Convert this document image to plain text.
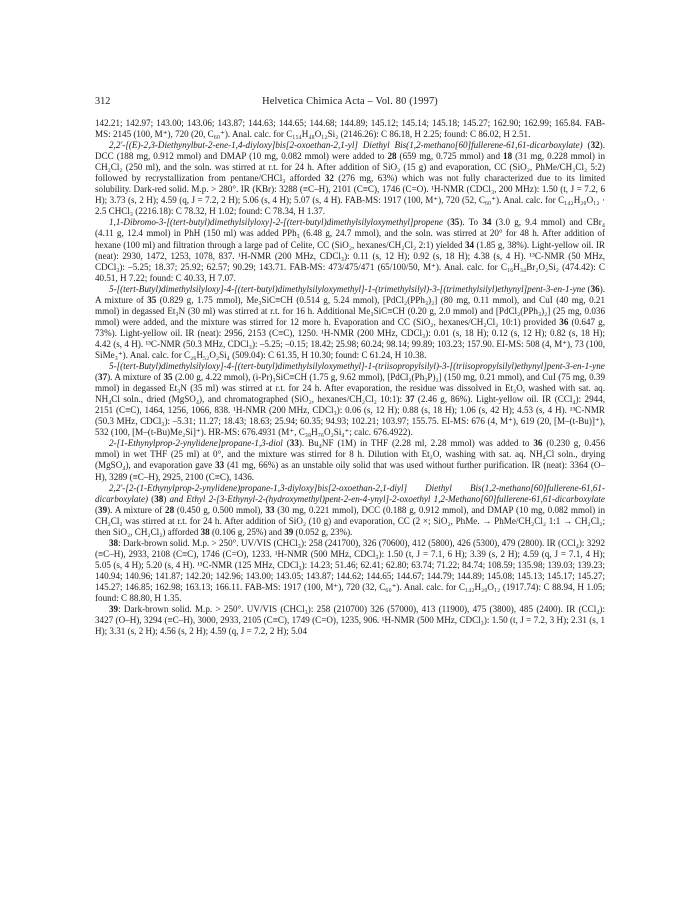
312	Helvetica Chimica Acta – Vol. 80 (1997)

142.21; 142.97; 143.00; 143.06; 143.87; 144.63; 144.65; 144.68; 144.89; 145.12; 145.14; 145.18; 145.27; 162.90; 162.99; 165.84. FAB-MS: 2145 (100, M⁺), 720 (20, C₆₀⁺). Anal. calc. for C₁₅₄H₄₈O₁₂Si₂ (2146.26): C 86.18, H 2.25; found: C 86.02, H 2.51.

2,2'-[(E)-2,3-Diethynylbut-2-ene-1,4-diyloxy]bis[2-oxoethan-2,1-yl] Diethyl Bis(1,2-methano[60]fullerene-61,61-dicarboxylate) (32). DCC (188 mg, 0.912 mmol) and DMAP (10 mg, 0.082 mmol) were added to 28 (659 mg, 0.725 mmol) and 18 (31 mg, 0.228 mmol) in CH₂Cl₂ (250 ml), and the soln. was stirred at r.t. for 24 h. After addition of SiO₂ (15 g) and evaporation, CC (SiO₂, PhMe/CH₂Cl₂ 5:2) followed by recrystallization from pentane/CHCl₃ afforded 32 (276 mg, 63%) which was not fully characterized due to its limited solubility. Dark-red solid. M.p. > 280°. IR (KBr): 3288 (≡C–H), 2101 (C≡C), 1746 (C=O). ¹H-NMR (CDCl₃, 200 MHz): 1.50 (t, J = 7.2, 6 H); 3.73 (s, 2 H); 4.59 (q, J = 7.2, 2 H); 5.06 (s, 4 H); 5.07 (s, 4 H). FAB-MS: 1917 (100, M⁺), 720 (52, C₆₀⁺). Anal. calc. for C₁₄₂H₂₀O₁₂ · 2.5 CHCl₃ (2216.18): C 78.32, H 1.02; found: C 78.34, H 1.37.

1,1-Dibromo-3-[(tert-butyl)dimethylsilyloxy]-2-[(tert-butyl)dimethylsilyloxymethyl]propene (35). To 34 (3.0 g, 9.4 mmol) and CBr₄ (4.11 g, 12.4 mmol) in PhH (150 ml) was added PPh₃ (6.48 g, 24.7 mmol), and the soln. was stirred at 20° for 48 h. After addition of hexane (100 ml) and filtration through a large pad of Celite, CC (SiO₂, hexanes/CH₂Cl₂ 2:1) yielded 34 (1.85 g, 38%). Light-yellow oil. IR (neat): 2930, 1472, 1253, 1078, 837. ¹H-NMR (200 MHz, CDCl₃): 0.11 (s, 12 H); 0.92 (s, 18 H); 4.38 (s, 4 H). ¹³C-NMR (50 MHz, CDCl₃): –5.25; 18.37; 25.92; 62.57; 90.29; 143.71. FAB-MS: 473/475/471 (65/100/50, M⁺). Anal. calc. for C₁₆H₃₄Br₂O₂Si₂ (474.42): C 40.51, H 7.22; found: C 40.33, H 7.07.

5-[(tert-Butyl)dimethylsilyloxy]-4-[(tert-butyl)dimethylsilyloxymethyl]-1-(trimethylsilyl)-3-[(trimethylsilyl)ethynyl]pent-3-en-1-yne (36). A mixture of 35 (0.829 g, 1.75 mmol), Me₃SiC≡CH (0.514 g, 5.24 mmol), [PdCl₂(PPh₃)₂] (80 mg, 0.11 mmol), and CuI (40 mg, 0.21 mmol) in degassed Et₃N (30 ml) was stirred at r.t. for 16 h. Additional Me₃SiC≡CH (0.20 g, 2.0 mmol) and [PdCl₂(PPh₃)₂] (25 mg, 0.036 mmol) were added, and the mixture was stirred for 12 more h. Evaporation and CC (SiO₂, hexanes/CH₂Cl₂ 10:1) provided 36 (0.647 g, 73%). Light-yellow oil. IR (neat): 2956, 2153 (C≡C), 1250. ¹H-NMR (200 MHz, CDCl₃): 0.01 (s, 18 H); 0.12 (s, 12 H); 0.82 (s, 18 H); 4.42 (s, 4 H). ¹³C-NMR (50.3 MHz, CDCl₃): –5.25; –0.15; 18.42; 25.98; 60.24; 98.14; 99.89; 103.23; 157.90. EI-MS: 508 (4, M⁺), 73 (100, SiMe₃⁺). Anal. calc. for C₂₆H₅₂O₂Si₄ (509.04): C 61.35, H 10.30; found: C 61.24, H 10.38.

5-[(tert-Butyl)dimethylsilyloxy]-4-[(tert-butyl)dimethylsilyloxymethyl]-1-(triisopropylsilyl)-3-[(triisopropylsilyl)ethynyl]pent-3-en-1-yne (37). A mixture of 35 (2.00 g, 4.22 mmol), (i-Pr)₃SiC≡CH (1.75 g, 9.62 mmol), [PdCl₂(Ph₃P)₂] (150 mg, 0.21 mmol), and CuI (75 mg, 0.39 mmol) in degassed Et₃N (35 ml) was stirred at r.t. for 24 h. After evaporation, the residue was dissolved in Et₂O, washed with sat. aq. NH₄Cl soln., dried (MgSO₄), and chromatographed (SiO₂, hexanes/CH₂Cl₂ 10:1): 37 (2.46 g, 86%). Light-yellow oil. IR (CCl₄): 2944, 2151 (C≡C), 1464, 1256, 1066, 838. ¹H-NMR (200 MHz, CDCl₃): 0.06 (s, 12 H); 0.88 (s, 18 H); 1.06 (s, 42 H); 4.53 (s, 4 H). ¹³C-NMR (50.3 MHz, CDCl₃): –5.31; 11.27; 18.43; 18.63; 25.94; 60.35; 94.93; 102.21; 103.97; 155.75. EI-MS: 676 (4, M⁺), 619 (20, [M–(t-Bu)]⁺), 532 (100, [M–(t-Bu)Me₂Si]⁺). HR-MS: 676.4931 (M⁺, C₃₈H₇₆O₂Si₄⁺; calc. 676.4922).

2-[1-Ethynylprop-2-ynylidene]propane-1,3-diol (33). Bu₄NF (1M) in THF (2.28 ml, 2.28 mmol) was added to 36 (0.230 g, 0.456 mmol) in wet THF (25 ml) at 0°, and the mixture was stirred for 8 h. Dilution with Et₂O, washing with sat. aq. NH₄Cl soln., drying (MgSO₄), and evaporation gave 33 (41 mg, 66%) as an unstable oily solid that was used without further purification. IR (neat): 3364 (O–H), 3289 (≡C–H), 2925, 2100 (C≡C), 1436.

2,2'-[2-(1-Ethynylprop-2-ynylidene)propane-1,3-diyloxy]bis[2-oxoethan-2,1-diyl] Diethyl Bis(1,2-methano[60]fullerene-61,61-dicarboxylate) (38) and Ethyl 2-[3-Ethynyl-2-(hydroxymethyl)pent-2-en-4-ynyl]-2-oxoethyl 1,2-Methano[60]fullerene-61,61-dicarboxylate (39). A mixture of 28 (0.450 g, 0.500 mmol), 33 (30 mg, 0.221 mmol), DCC (0.188 g, 0.912 mmol), and DMAP (10 mg, 0.082 mmol) in CH₂Cl₂ was stirred at r.t. for 24 h. After addition of SiO₂ (10 g) and evaporation, CC (2 ×; SiO₂, PhMe. → PhMe/CH₂Cl₂ 1:1 → CH₂Cl₂; then SiO₂, CH₂Cl₂) afforded 38 (0.106 g, 25%) and 39 (0.052 g, 23%).

38: Dark-brown solid. M.p. > 250°. UV/VIS (CHCl₃): 258 (241700), 326 (70600), 412 (5800), 426 (5300), 479 (2800). IR (CCl₄): 3292 (≡C–H), 2933, 2108 (C≡C), 1746 (C=O), 1233. ¹H-NMR (500 MHz, CDCl₃): 1.50 (t, J = 7.1, 6 H); 3.39 (s, 2 H); 4.59 (q, J = 7.1, 4 H); 5.05 (s, 4 H); 5.20 (s, 4 H). ¹³C-NMR (125 MHz, CDCl₃): 14.23; 51.46; 62.41; 62.80; 63.74; 71.22; 84.74; 108.59; 135.98; 139.03; 139.23; 140.94; 140.96; 141.87; 142.20; 142.96; 143.00; 143.05; 143.87; 144.62; 144.65; 144.67; 144.79; 144.89; 145.08; 145.13; 145.17; 145.27; 145.27; 146.85; 162.98; 163.13; 166.11. FAB-MS: 1917 (100, M⁺), 720 (32, C₆₀⁺). Anal. calc. for C₁₄₂H₂₀O₁₂ (1917.74): C 88.94, H 1.05; found: C 88.80, H 1.35.

39: Dark-brown solid. M.p. > 250°. UV/VIS (CHCl₃): 258 (210700) 326 (57000), 413 (11900), 475 (3800), 485 (2400). IR (CCl₄): 3427 (O–H), 3294 (≡C–H), 3000, 2933, 2105 (C≡C), 1749 (C=O), 1235, 906. ¹H-NMR (500 MHz, CDCl₃): 1.50 (t, J = 7.2, 3 H); 2.31 (s, 1 H); 3.31 (s, 2 H); 4.56 (s, 2 H); 4.59 (q, J = 7.2, 2 H); 5.04
